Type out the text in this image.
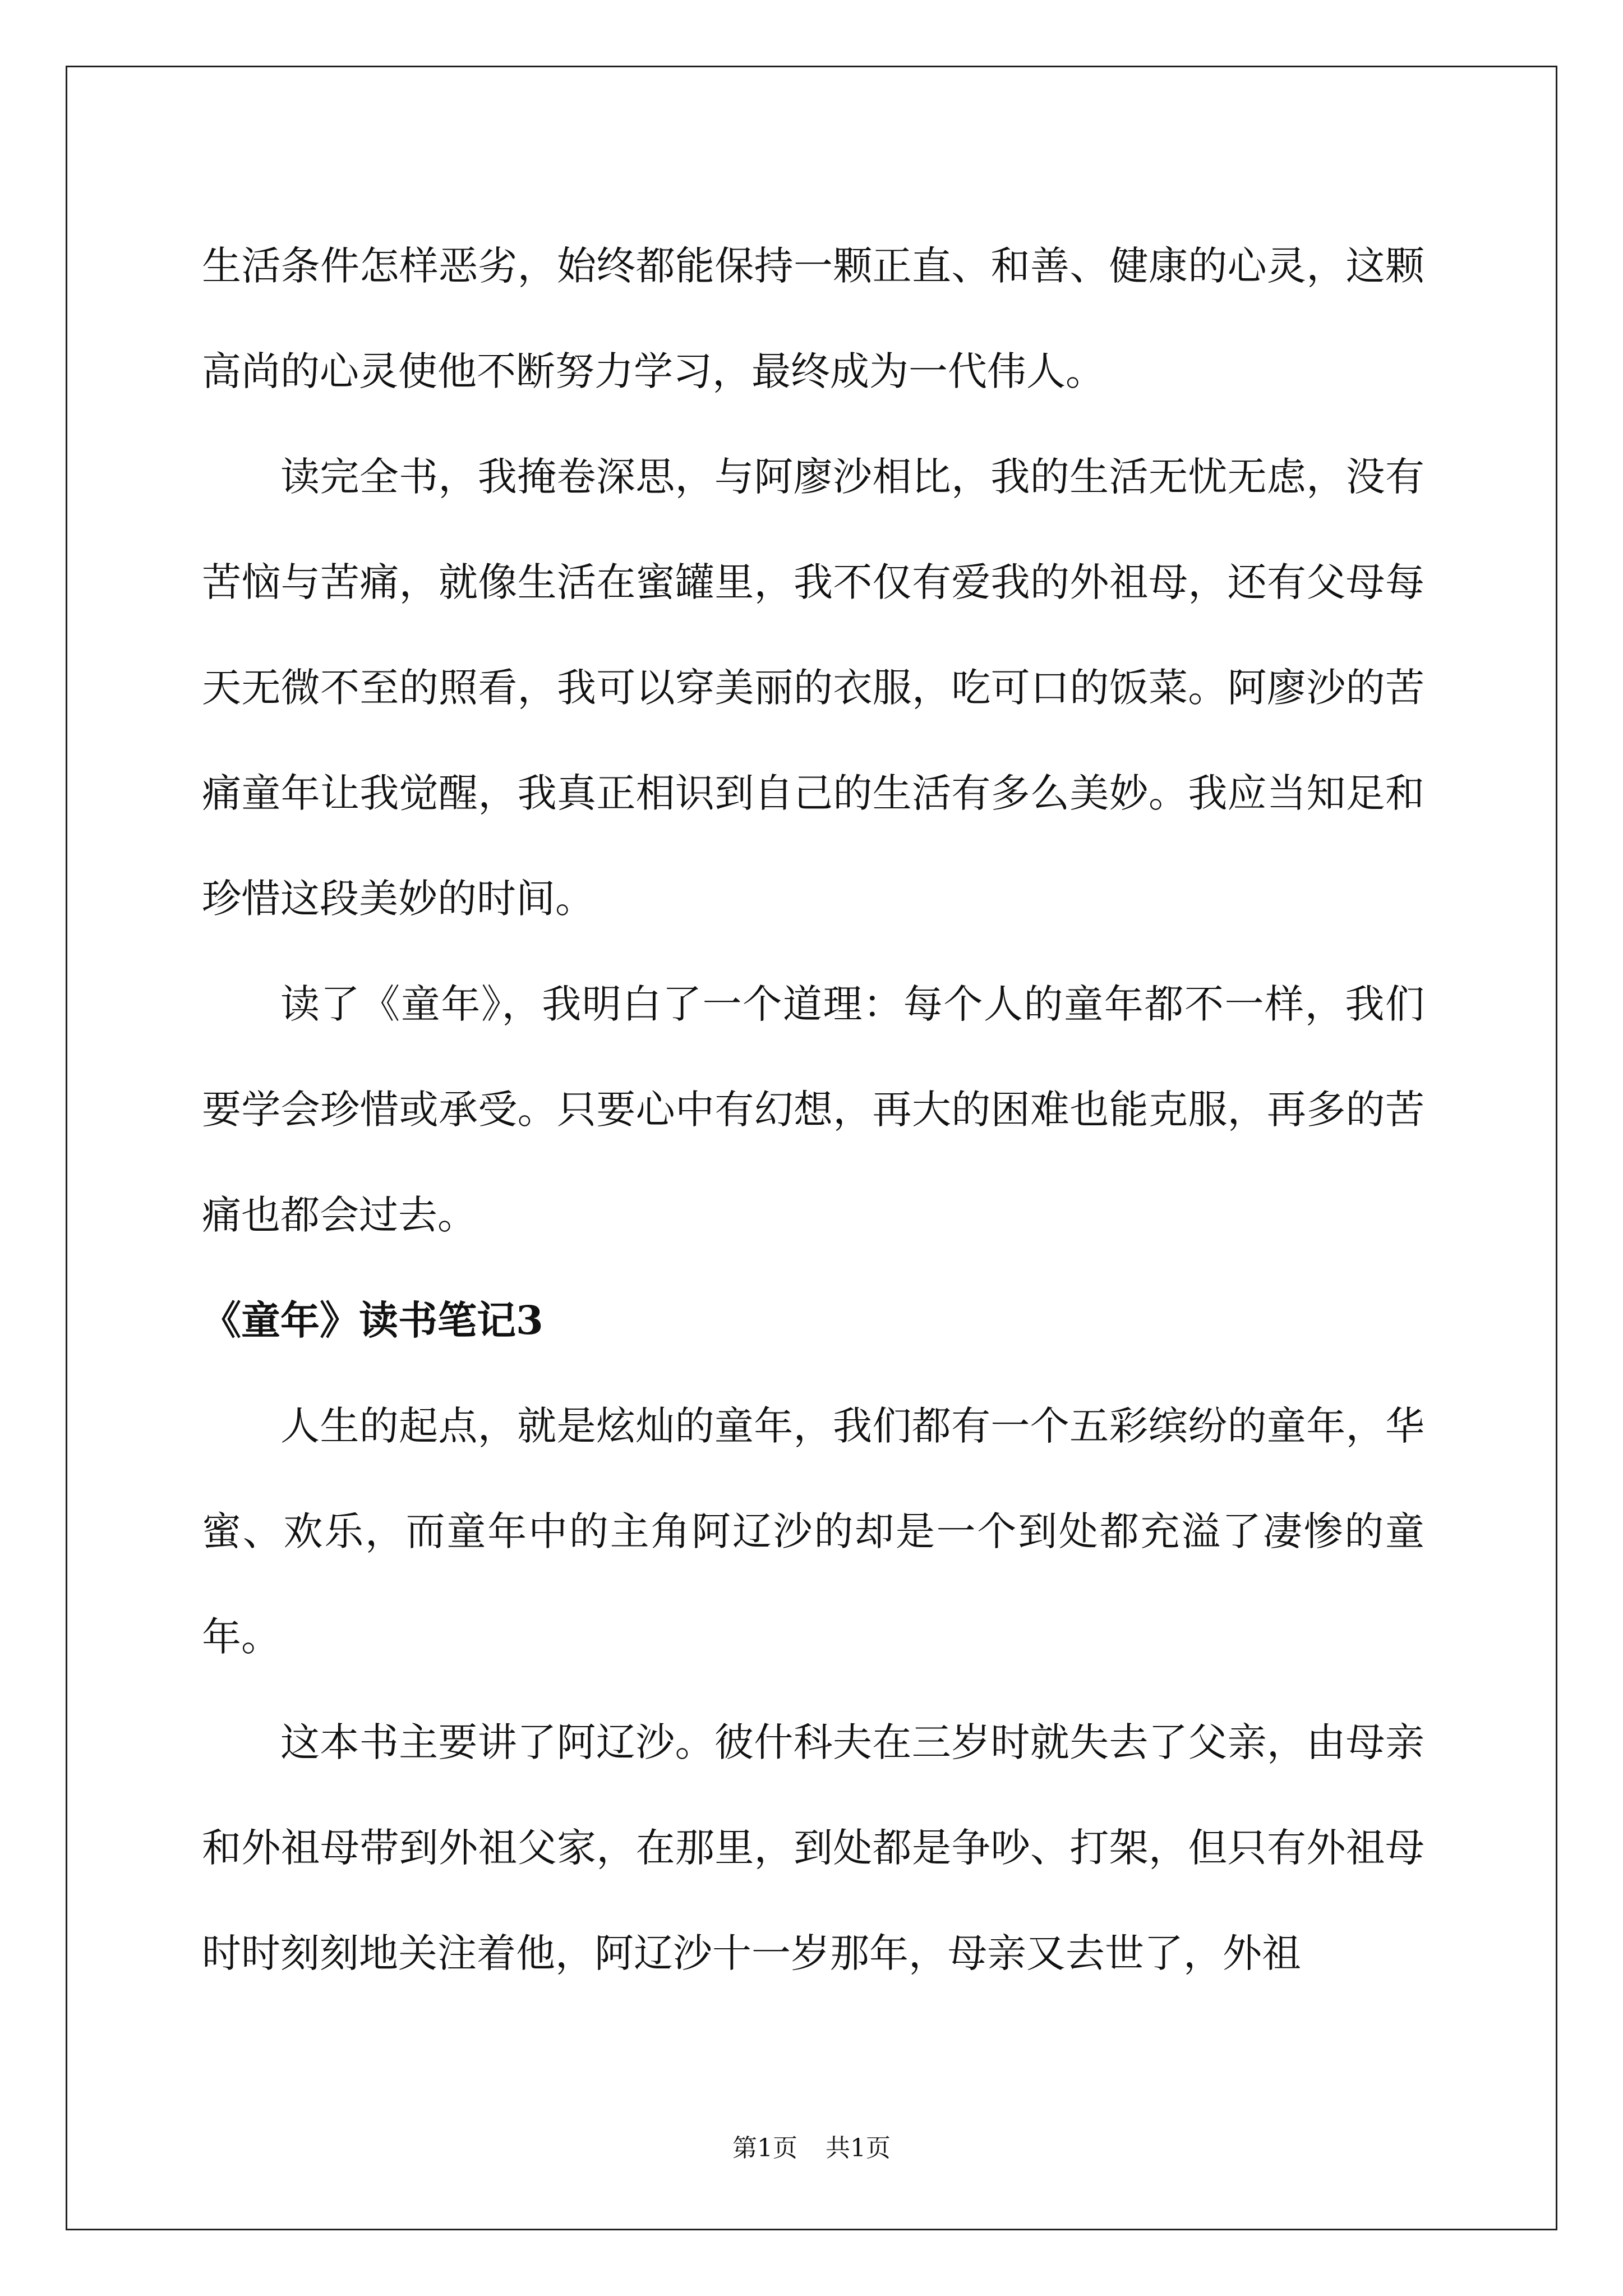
生活条件怎样恶劣，始终都能保持一颗正直、和善、健康的心灵，这颗高尚的心灵使他不断努力学习，最终成为一代伟人。

读完全书，我掩卷深思，与阿廖沙相比，我的生活无忧无虑，没有苦恼与苦痛，就像生活在蜜罐里，我不仅有爱我的外祖母，还有父母每天无微不至的照看，我可以穿美丽的衣服，吃可口的饭菜。阿廖沙的苦痛童年让我觉醒，我真正相识到自己的生活有多么美妙。我应当知足和珍惜这段美妙的时间。

读了《童年》，我明白了一个道理：每个人的童年都不一样，我们要学会珍惜或承受。只要心中有幻想，再大的困难也能克服，再多的苦痛也都会过去。

《童年》读书笔记3

人生的起点，就是炫灿的童年，我们都有一个五彩缤纷的童年，华蜜、欢乐，而童年中的主角阿辽沙的却是一个到处都充溢了凄惨的童年。

这本书主要讲了阿辽沙。彼什科夫在三岁时就失去了父亲，由母亲和外祖母带到外祖父家，在那里，到处都是争吵、打架，但只有外祖母时时刻刻地关注着他，阿辽沙十一岁那年，母亲又去世了，外祖

第1页 共1页
